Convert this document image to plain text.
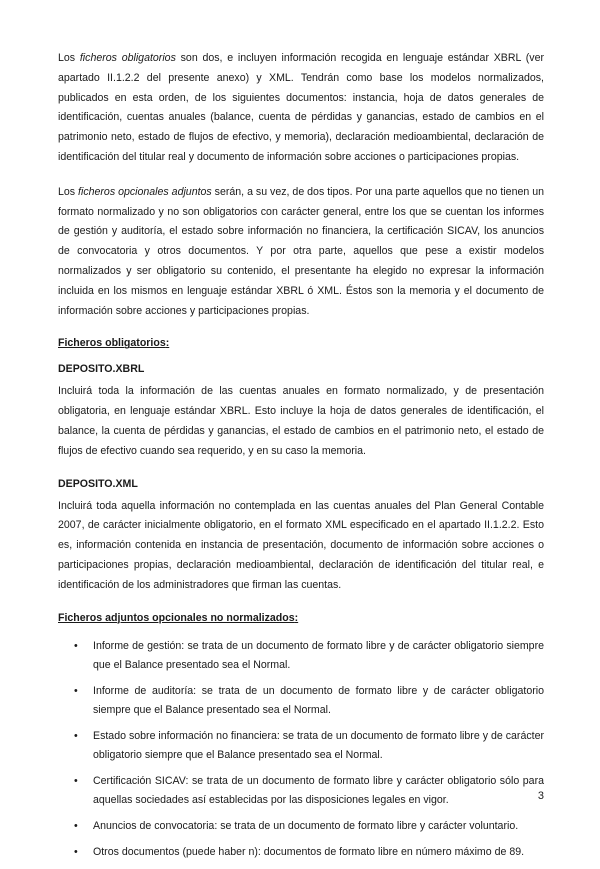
Los ficheros obligatorios son dos, e incluyen información recogida en lenguaje estándar XBRL (ver apartado II.1.2.2 del presente anexo) y XML. Tendrán como base los modelos normalizados, publicados en esta orden, de los siguientes documentos: instancia, hoja de datos generales de identificación, cuentas anuales (balance, cuenta de pérdidas y ganancias, estado de cambios en el patrimonio neto, estado de flujos de efectivo, y memoria), declaración medioambiental, declaración de identificación del titular real y documento de información sobre acciones o participaciones propias.

Los ficheros opcionales adjuntos serán, a su vez, de dos tipos. Por una parte aquellos que no tienen un formato normalizado y no son obligatorios con carácter general, entre los que se cuentan los informes de gestión y auditoría, el estado sobre información no financiera, la certificación SICAV, los anuncios de convocatoria y otros documentos. Y por otra parte, aquellos que pese a existir modelos normalizados y ser obligatorio su contenido, el presentante ha elegido no expresar la información incluida en los mismos en lenguaje estándar XBRL ó XML. Éstos son la memoria y el documento de información sobre acciones y participaciones propias.

Ficheros obligatorios:
DEPOSITO.XBRL

Incluirá toda la información de las cuentas anuales en formato normalizado, y de presentación obligatoria, en lenguaje estándar XBRL. Esto incluye la hoja de datos generales de identificación, el balance, la cuenta de pérdidas y ganancias, el estado de cambios en el patrimonio neto, el estado de flujos de efectivo cuando sea requerido, y en su caso la memoria.

DEPOSITO.XML

Incluirá toda aquella información no contemplada en las cuentas anuales del Plan General Contable 2007, de carácter inicialmente obligatorio, en el formato XML especificado en el apartado II.1.2.2. Esto es, información contenida en instancia de presentación, documento de información sobre acciones o participaciones propias, declaración medioambiental, declaración de identificación del titular real, e identificación de los administradores que firman las cuentas.

Ficheros adjuntos opcionales no normalizados:
• Informe de gestión: se trata de un documento de formato libre y de carácter obligatorio siempre que el Balance presentado sea el Normal.
• Informe de auditoría: se trata de un documento de formato libre y de carácter obligatorio siempre que el Balance presentado sea el Normal.
• Estado sobre información no financiera: se trata de un documento de formato libre y de carácter obligatorio siempre que el Balance presentado sea el Normal.
• Certificación SICAV: se trata de un documento de formato libre y carácter obligatorio sólo para aquellas sociedades así establecidas por las disposiciones legales en vigor.
• Anuncios de convocatoria: se trata de un documento de formato libre y carácter voluntario.
• Otros documentos (puede haber n): documentos de formato libre en número máximo de 89.
3
